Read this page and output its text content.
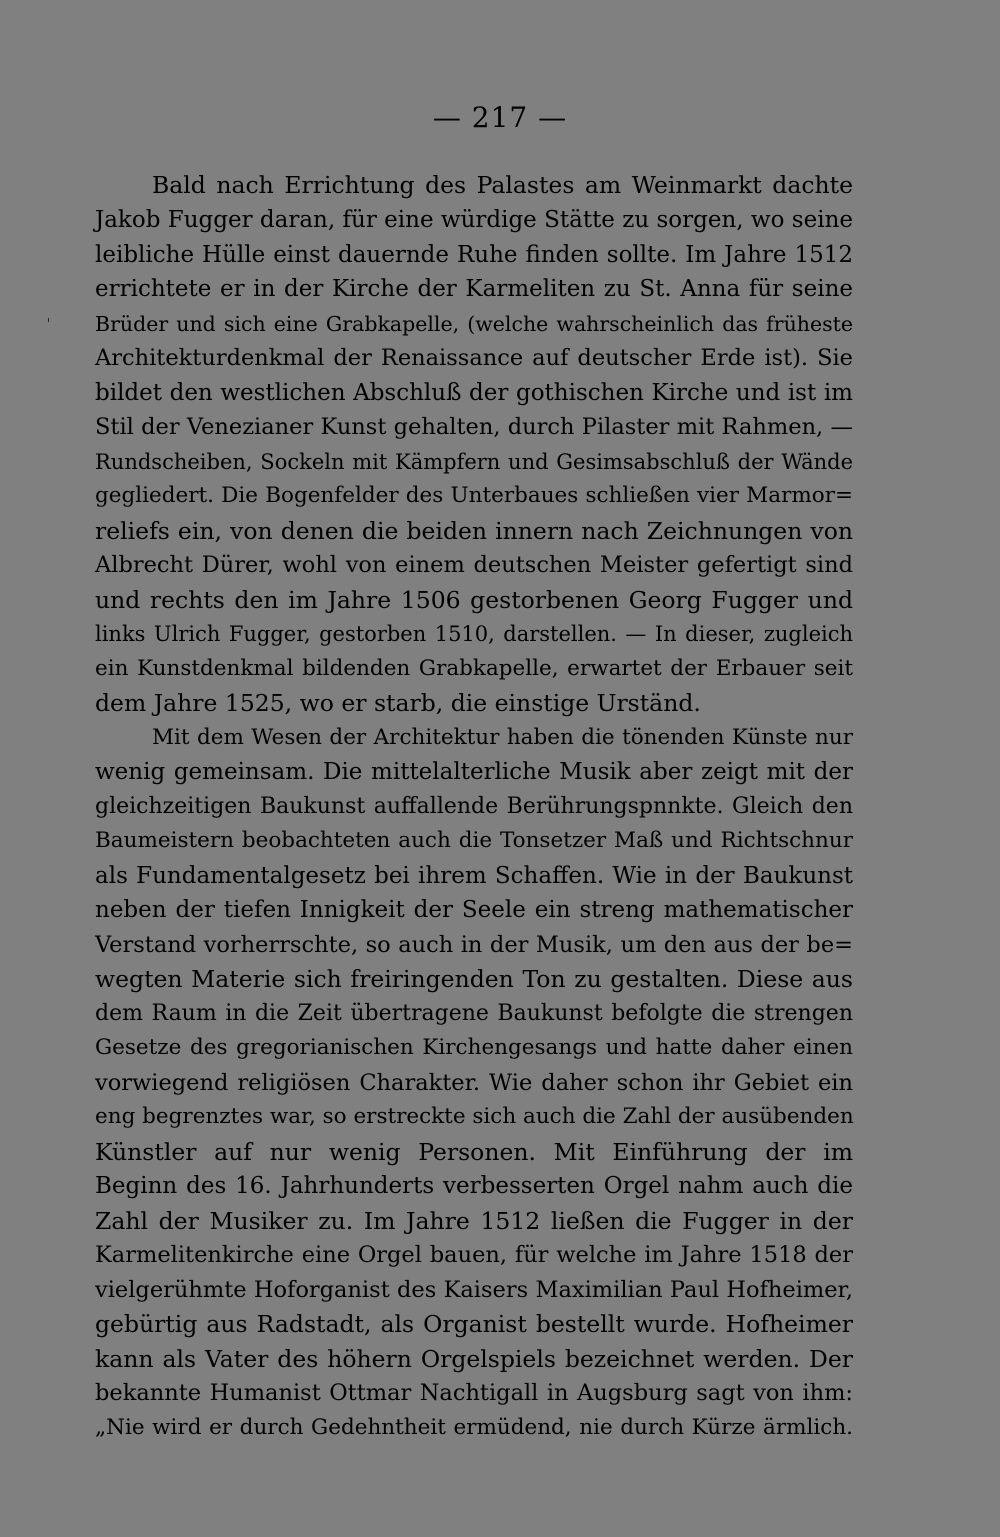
— 217 —
Bald nach Errichtung des Palastes am Weinmarkt dachte
Jakob Fugger daran, für eine würdige Stätte zu sorgen, wo seine
leibliche Hülle einst dauernde Ruhe finden sollte. Im Jahre 1512
errichtete er in der Kirche der Karmeliten zu St. Anna für seine
Brüder und sich eine Grabkapelle, (welche wahrscheinlich das früheste
Architekturdenkmal der Renaissance auf deutscher Erde ist). Sie
bildet den westlichen Abschluß der gothischen Kirche und ist im
Stil der Venezianer Kunst gehalten, durch Pilaster mit Rahmen, —
Rundscheiben, Sockeln mit Kämpfern und Gesimsabschluß der Wände
gegliedert. Die Bogenfelder des Unterbaues schließen vier Marmor=
reliefs ein, von denen die beiden innern nach Zeichnungen von
Albrecht Dürer, wohl von einem deutschen Meister gefertigt sind
und rechts den im Jahre 1506 gestorbenen Georg Fugger und
links Ulrich Fugger, gestorben 1510, darstellen. — In dieser, zugleich
ein Kunstdenkmal bildenden Grabkapelle, erwartet der Erbauer seit
dem Jahre 1525, wo er starb, die einstige Urständ.
Mit dem Wesen der Architektur haben die tönenden Künste nur
wenig gemeinsam. Die mittelalterliche Musik aber zeigt mit der
gleichzeitigen Baukunst auffallende Berührungspnnkte. Gleich den
Baumeistern beobachteten auch die Tonsetzer Maß und Richtschnur
als Fundamentalgesetz bei ihrem Schaffen. Wie in der Baukunst
neben der tiefen Innigkeit der Seele ein streng mathematischer
Verstand vorherrschte, so auch in der Musik, um den aus der be=
wegten Materie sich freiringenden Ton zu gestalten. Diese aus
dem Raum in die Zeit übertragene Baukunst befolgte die strengen
Gesetze des gregorianischen Kirchengesangs und hatte daher einen
vorwiegend religiösen Charakter. Wie daher schon ihr Gebiet ein
eng begrenztes war, so erstreckte sich auch die Zahl der ausübenden
Künstler auf nur wenig Personen. Mit Einführung der im
Beginn des 16. Jahrhunderts verbesserten Orgel nahm auch die
Zahl der Musiker zu. Im Jahre 1512 ließen die Fugger in der
Karmelitenkirche eine Orgel bauen, für welche im Jahre 1518 der
vielgerühmte Hoforganist des Kaisers Maximilian Paul Hofheimer,
gebürtig aus Radstadt, als Organist bestellt wurde. Hofheimer
kann als Vater des höhern Orgelspiels bezeichnet werden. Der
bekannte Humanist Ottmar Nachtigall in Augsburg sagt von ihm:
„Nie wird er durch Gedehntheit ermüdend, nie durch Kürze ärmlich.
